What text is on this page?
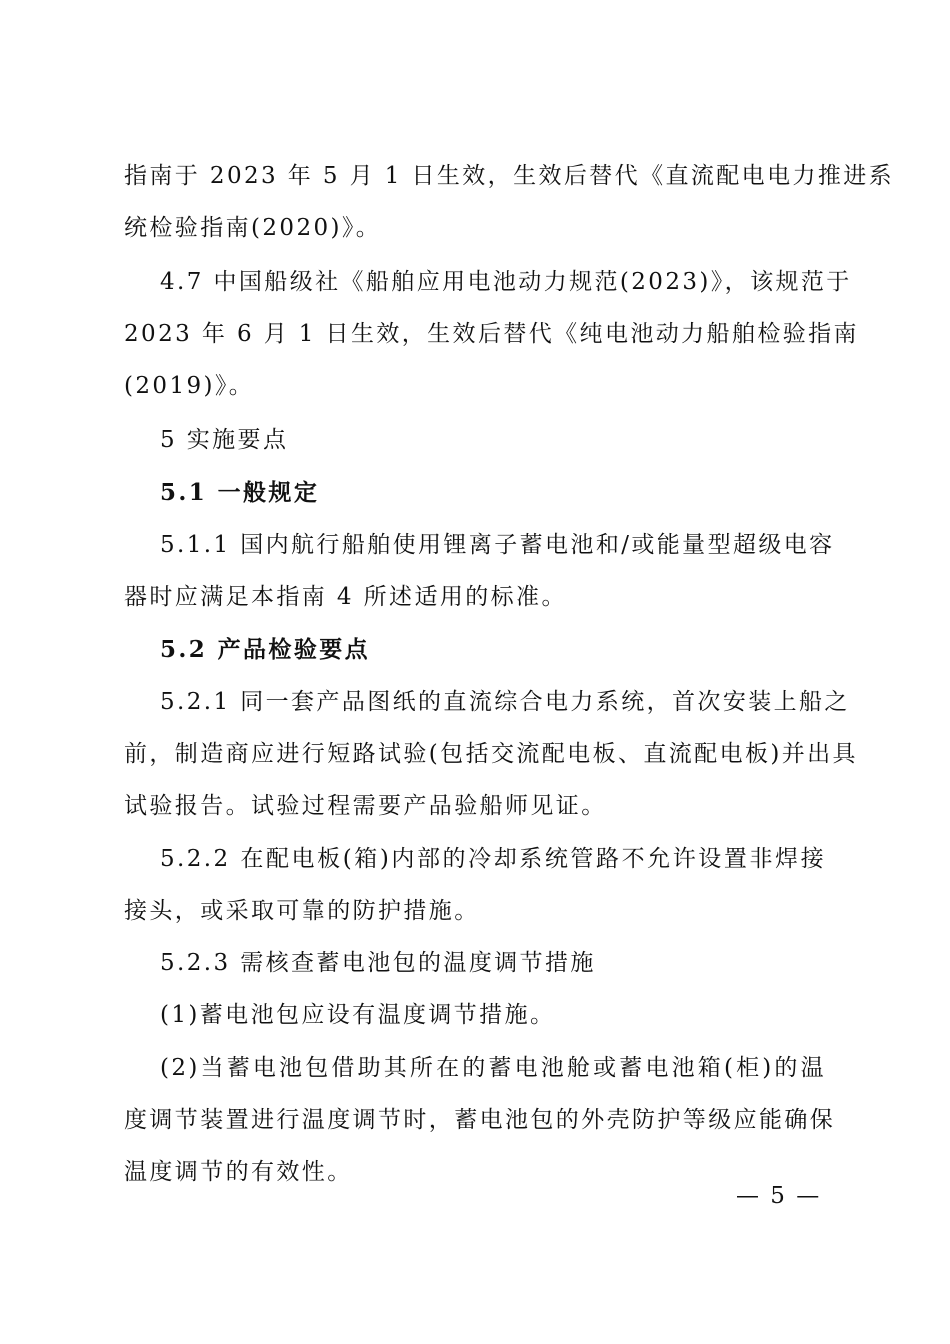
指南于 2023 年 5 月 1 日生效，生效后替代《直流配电电力推进系
统检验指南(2020)》。
4.7 中国船级社《船舶应用电池动力规范(2023)》，该规范于
2023 年 6 月 1 日生效，生效后替代《纯电池动力船舶检验指南
(2019)》。
5 实施要点
5.1 一般规定
5.1.1 国内航行船舶使用锂离子蓄电池和/或能量型超级电容
器时应满足本指南 4 所述适用的标准。
5.2 产品检验要点
5.2.1 同一套产品图纸的直流综合电力系统，首次安装上船之
前，制造商应进行短路试验(包括交流配电板、直流配电板)并出具
试验报告。试验过程需要产品验船师见证。
5.2.2 在配电板(箱)内部的冷却系统管路不允许设置非焊接
接头，或采取可靠的防护措施。
5.2.3 需核查蓄电池包的温度调节措施
(1)蓄电池包应设有温度调节措施。
(2)当蓄电池包借助其所在的蓄电池舱或蓄电池箱(柜)的温
度调节装置进行温度调节时，蓄电池包的外壳防护等级应能确保
温度调节的有效性。
— 5 —
